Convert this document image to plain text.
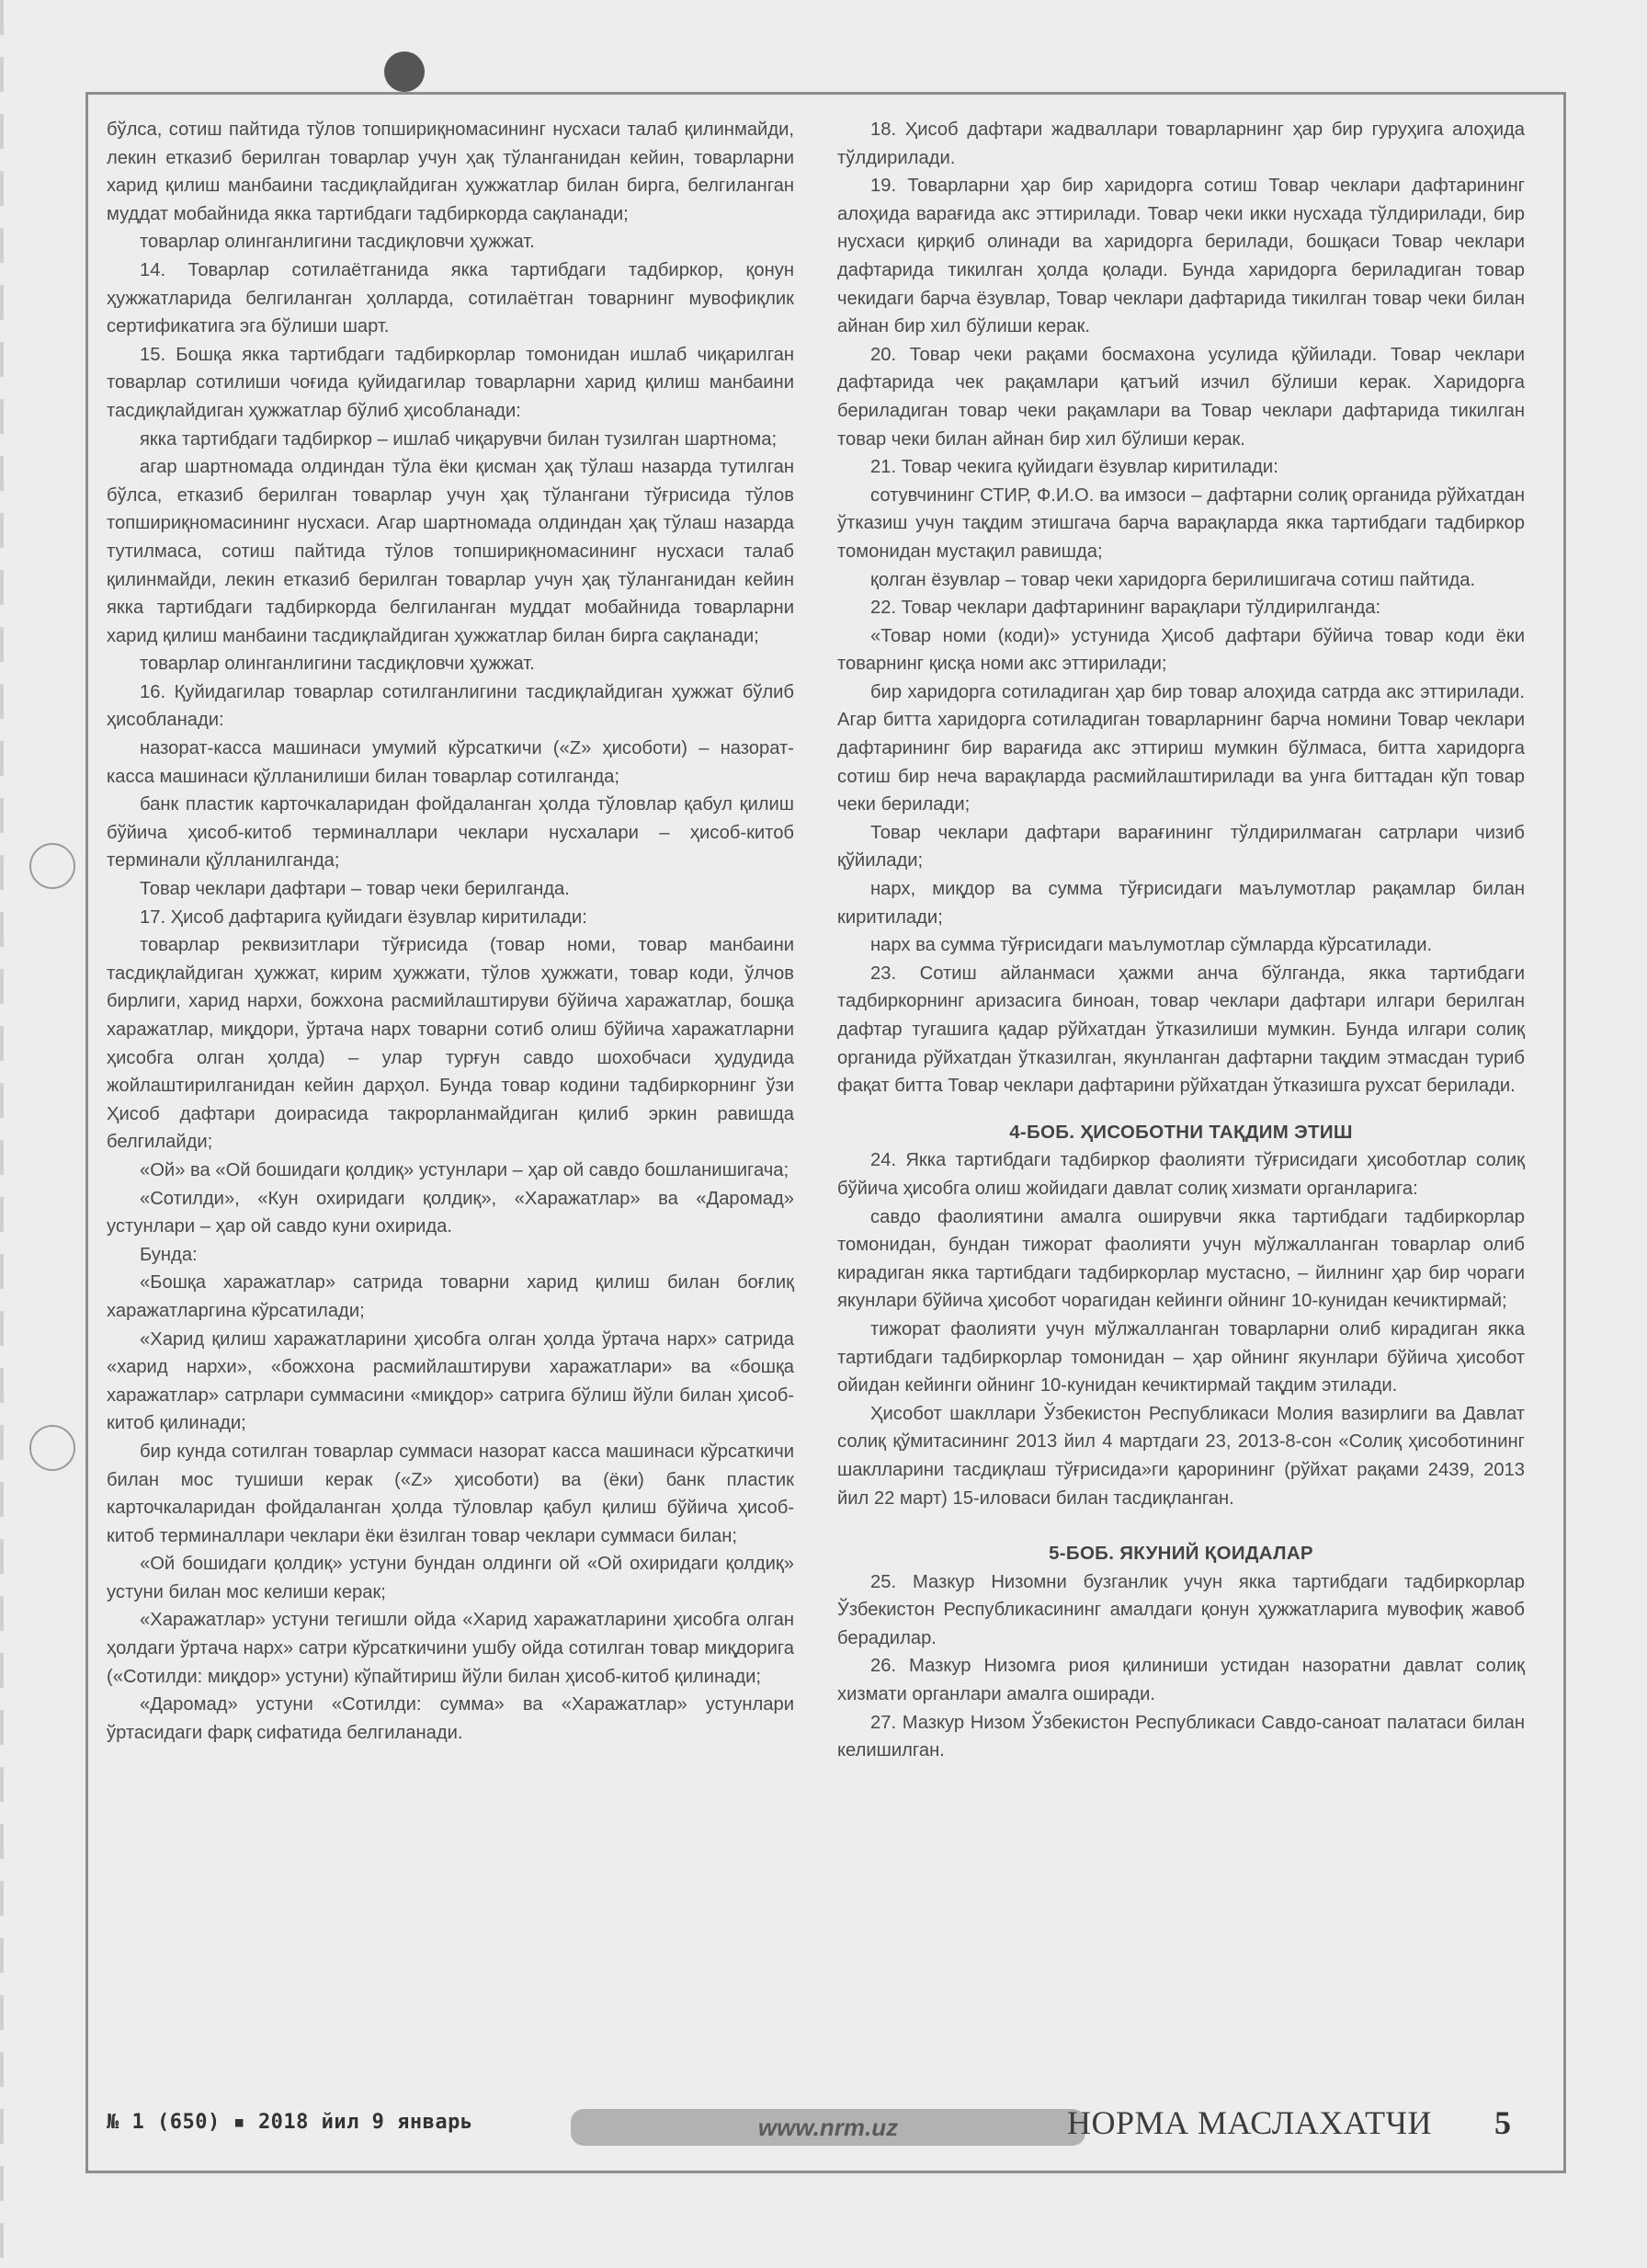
бўлса, сотиш пайтида тўлов топшириқномасининг нусхаси талаб қилинмайди, лекин етказиб берилган товарлар учун ҳақ тўланганидан кейин, товарларни харид қилиш манбаини тасдиқлайдиган ҳужжатлар билан бирга, белгиланган муддат мобайнида якка тартибдаги тадбиркорда сақланади;

товарлар олинганлигини тасдиқловчи ҳужжат.

14. Товарлар сотилаётганида якка тартибдаги тадбиркор, қонун ҳужжатларида белгиланган ҳолларда, сотилаётган товарнинг мувофиқлик сертификатига эга бўлиши шарт.

15. Бошқа якка тартибдаги тадбиркорлар томонидан ишлаб чиқарилган товарлар сотилиши чоғида қуйидагилар товарларни харид қилиш манбаини тасдиқлайдиган ҳужжатлар бўлиб ҳисобланади:

якка тартибдаги тадбиркор – ишлаб чиқарувчи билан тузилган шартнома;

агар шартномада олдиндан тўла ёки қисман ҳақ тўлаш назарда тутилган бўлса, етказиб берилган товарлар учун ҳақ тўлангани тўғрисида тўлов топшириқномасининг нусхаси. Агар шартномада олдиндан ҳақ тўлаш назарда тутилмаса, сотиш пайтида тўлов топшириқномасининг нусхаси талаб қилинмайди, лекин етказиб берилган товарлар учун ҳақ тўланганидан кейин якка тартибдаги тадбиркорда белгиланган муддат мобайнида товарларни харид қилиш манбаини тасдиқлайдиган ҳужжатлар билан бирга сақланади;

товарлар олинганлигини тасдиқловчи ҳужжат.

16. Қуйидагилар товарлар сотилганлигини тасдиқлайдиган ҳужжат бўлиб ҳисобланади:

назорат-касса машинаси умумий кўрсаткичи («Z» ҳисоботи) – назорат-касса машинаси қўлланилиши билан товарлар сотилганда;

банк пластик карточкаларидан фойдаланган ҳолда тўловлар қабул қилиш бўйича ҳисоб-китоб терминаллари чеклари нусхалари – ҳисоб-китоб терминали қўлланилганда;

Товар чеклари дафтари – товар чеки берилганда.

17. Ҳисоб дафтарига қуйидаги ёзувлар киритилади:

товарлар реквизитлари тўғрисида (товар номи, товар манбаини тасдиқлайдиган ҳужжат, кирим ҳужжати, тўлов ҳужжати, товар коди, ўлчов бирлиги, харид нархи, божхона расмийлаштируви бўйича харажатлар, бошқа харажатлар, миқдори, ўртача нарх товарни сотиб олиш бўйича харажатларни ҳисобга олган ҳолда) – улар турғун савдо шохобчаси ҳудудида жойлаштирилганидан кейин дарҳол. Бунда товар кодини тадбиркорнинг ўзи Ҳисоб дафтари доирасида такрорланмайдиган қилиб эркин равишда белгилайди;

«Ой» ва «Ой бошидаги қолдиқ» устунлари – ҳар ой савдо бошланишигача;

«Сотилди», «Кун охиридаги қолдиқ», «Харажатлар» ва «Даромад» устунлари – ҳар ой савдо куни охирида.

Бунда:

«Бошқа харажатлар» сатрида товарни харид қилиш билан боғлиқ харажатларгина кўрсатилади;

«Харид қилиш харажатларини ҳисобга олган ҳолда ўртача нарх» сатрида «харид нархи», «божхона расмийлаштируви харажатлари» ва «бошқа харажатлар» сатрлари суммасини «миқдор» сатрига бўлиш йўли билан ҳисоб-китоб қилинади;

бир кунда сотилган товарлар суммаси назорат касса машинаси кўрсаткичи билан мос тушиши керак («Z» ҳисоботи) ва (ёки) банк пластик карточкаларидан фойдаланган ҳолда тўловлар қабул қилиш бўйича ҳисоб-китоб терминаллари чеклари ёки ёзилган товар чеклари суммаси билан;

«Ой бошидаги қолдиқ» устуни бундан олдинги ой «Ой охиридаги қолдиқ» устуни билан мос келиши керак;

«Харажатлар» устуни тегишли ойда «Харид харажатларини ҳисобга олган ҳолдаги ўртача нарх» сатри кўрсаткичини ушбу ойда сотилган товар миқдорига («Сотилди: миқдор» устуни) кўпайтириш йўли билан ҳисоб-китоб қилинади;

«Даромад» устуни «Сотилди: сумма» ва «Харажатлар» устунлари ўртасидаги фарқ сифатида белгиланади.

18. Ҳисоб дафтари жадваллари товарларнинг ҳар бир гуруҳига алоҳида тўлдирилади.

19. Товарларни ҳар бир харидорга сотиш Товар чеклари дафтарининг алоҳида варағида акс эттирилади. Товар чеки икки нусхада тўлдирилади, бир нусхаси қирқиб олинади ва харидорга берилади, бошқаси Товар чеклари дафтарида тикилган ҳолда қолади. Бунда харидорга бериладиган товар чекидаги барча ёзувлар, Товар чеклари дафтарида тикилган товар чеки билан айнан бир хил бўлиши керак.

20. Товар чеки рақами босмахона усулида қўйилади. Товар чеклари дафтарида чек рақамлари қатъий изчил бўлиши керак. Харидорга бериладиган товар чеки рақамлари ва Товар чеклари дафтарида тикилган товар чеки билан айнан бир хил бўлиши керак.

21. Товар чекига қуйидаги ёзувлар киритилади:

сотувчининг СТИР, Ф.И.О. ва имзоси – дафтарни солиқ органида рўйхатдан ўтказиш учун тақдим этишгача барча варақларда якка тартибдаги тадбиркор томонидан мустақил равишда;

қолган ёзувлар – товар чеки харидорга берилишигача сотиш пайтида.

22. Товар чеклари дафтарининг варақлари тўлдирилганда:

«Товар номи (коди)» устунида Ҳисоб дафтари бўйича товар коди ёки товарнинг қисқа номи акс эттирилади;

бир харидорга сотиладиган ҳар бир товар алоҳида сатрда акс эттирилади. Агар битта харидорга сотиладиган товарларнинг барча номини Товар чеклари дафтарининг бир варағида акс эттириш мумкин бўлмаса, битта харидорга сотиш бир неча варақларда расмийлаштирилади ва унга биттадан кўп товар чеки берилади;

Товар чеклари дафтари варағининг тўлдирилмаган сатрлари чизиб қўйилади;

нарх, миқдор ва сумма тўғрисидаги маълумотлар рақамлар билан киритилади;

нарх ва сумма тўғрисидаги маълумотлар сўмларда кўрсатилади.

23. Сотиш айланмаси ҳажми анча бўлганда, якка тартибдаги тадбиркорнинг аризасига биноан, товар чеклари дафтари илгари берилган дафтар тугашига қадар рўйхатдан ўтказилиши мумкин. Бунда илгари солиқ органида рўйхатдан ўтказилган, якунланган дафтарни тақдим этмасдан туриб фақат битта Товар чеклари дафтарини рўйхатдан ўтказишга рухсат берилади.

4-БОБ. ҲИСОБОТНИ ТАҚДИМ ЭТИШ

24. Якка тартибдаги тадбиркор фаолияти тўғрисидаги ҳисоботлар солиқ бўйича ҳисобга олиш жойидаги давлат солиқ хизмати органларига:

савдо фаолиятини амалга оширувчи якка тартибдаги тадбиркорлар томонидан, бундан тижорат фаолияти учун мўлжалланган товарлар олиб кирадиган якка тартибдаги тадбиркорлар мустасно, – йилнинг ҳар бир чораги якунлари бўйича ҳисобот чорагидан кейинги ойнинг 10-кунидан кечиктирмай;

тижорат фаолияти учун мўлжалланган товарларни олиб кирадиган якка тартибдаги тадбиркорлар томонидан – ҳар ойнинг якунлари бўйича ҳисобот ойидан кейинги ойнинг 10-кунидан кечиктирмай тақдим этилади.

Ҳисобот шакллари Ўзбекистон Республикаси Молия вазирлиги ва Давлат солиқ қўмитасининг 2013 йил 4 мартдаги 23, 2013-8-сон «Солиқ ҳисоботининг шаклларини тасдиқлаш тўғрисида»ги қарорининг (рўйхат рақами 2439, 2013 йил 22 март) 15-иловаси билан тасдиқланган.

5-БОБ. ЯКУНИЙ ҚОИДАЛАР

25. Мазкур Низомни бузганлик учун якка тартибдаги тадбиркорлар Ўзбекистон Республикасининг амалдаги қонун ҳужжатларига мувофиқ жавоб берадилар.

26. Мазкур Низомга риоя қилиниши устидан назоратни давлат солиқ хизмати органлари амалга оширади.

27. Мазкур Низом Ўзбекистон Республикаси Савдо-саноат палатаси билан келишилган.

№ 1 (650) ▪ 2018 йил 9 январь	www.nrm.uz	НОРМА МАСЛАХАТЧИ 5
